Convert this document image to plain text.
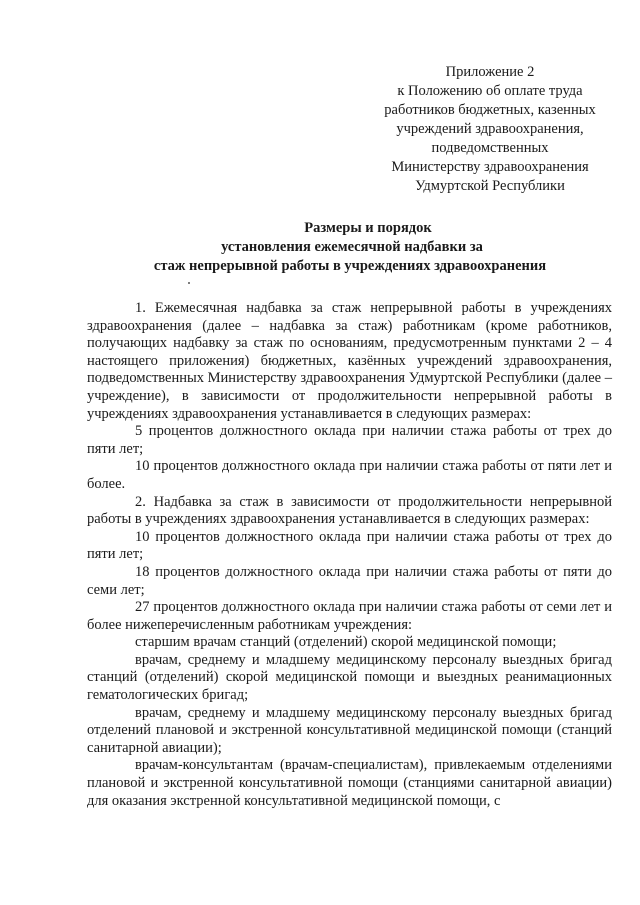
Приложение 2
к Положению об оплате труда
работников бюджетных, казенных
учреждений здравоохранения,
подведомственных
Министерству здравоохранения
Удмуртской Республики
Размеры и порядок
установления ежемесячной надбавки за
стаж непрерывной работы в учреждениях здравоохранения

1. Ежемесячная надбавка за стаж непрерывной работы в учреждениях здравоохранения (далее – надбавка за стаж) работникам (кроме работников, получающих надбавку за стаж по основаниям, предусмотренным пунктами 2 – 4 настоящего приложения) бюджетных, казённых учреждений здравоохранения, подведомственных Министерству здравоохранения Удмуртской Республики (далее – учреждение), в зависимости от продолжительности непрерывной работы в учреждениях здравоохранения устанавливается в следующих размерах:

5 процентов должностного оклада при наличии стажа работы от трех до пяти лет;

10 процентов должностного оклада при наличии стажа работы от пяти лет и более.

2. Надбавка за стаж в зависимости от продолжительности непрерывной работы в учреждениях здравоохранения устанавливается в следующих размерах:

10 процентов должностного оклада при наличии стажа работы от трех до пяти лет;

18 процентов должностного оклада при наличии стажа работы от пяти до семи лет;

27 процентов должностного оклада при наличии стажа работы от семи лет и более нижеперечисленным работникам учреждения:

старшим врачам станций (отделений) скорой медицинской помощи;

врачам, среднему и младшему медицинскому персоналу выездных бригад станций (отделений) скорой медицинской помощи и выездных реанимационных гематологических бригад;

врачам, среднему и младшему медицинскому персоналу выездных бригад отделений плановой и экстренной консультативной медицинской помощи (станций санитарной авиации);

врачам-консультантам (врачам-специалистам), привлекаемым отделениями плановой и экстренной консультативной помощи (станциями санитарной авиации) для оказания экстренной консультативной медицинской помощи, с
